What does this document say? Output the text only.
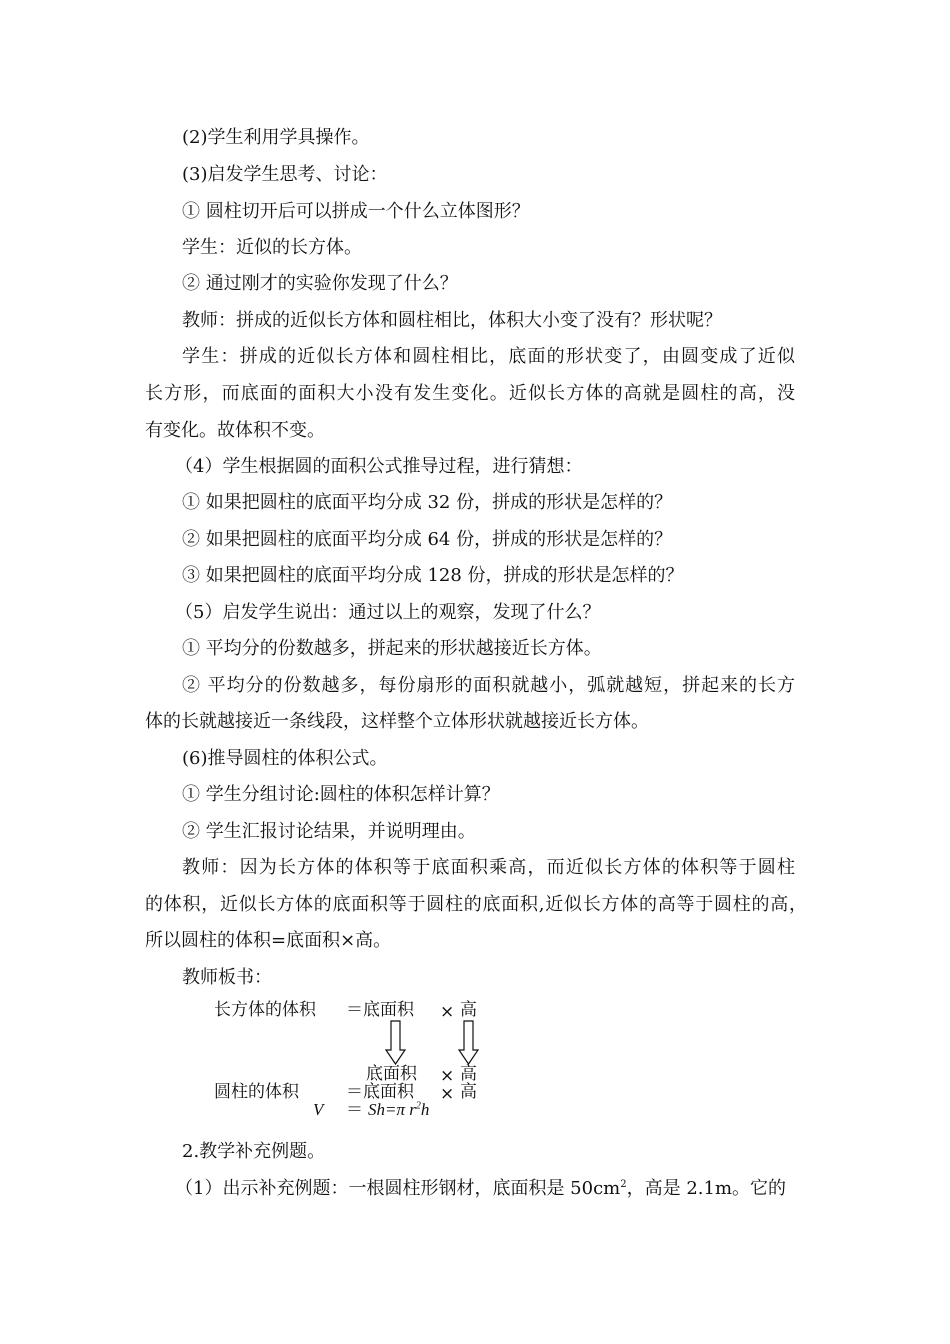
(2)学生利用学具操作。
(3)启发学生思考、讨论：
① 圆柱切开后可以拼成一个什么立体图形？
学生：近似的长方体。
② 通过刚才的实验你发现了什么？
教师：拼成的近似长方体和圆柱相比，体积大小变了没有？形状呢？
学生：拼成的近似长方体和圆柱相比，底面的形状变了，由圆变成了近似
长方形，而底面的面积大小没有发生变化。近似长方体的高就是圆柱的高，没
有变化。故体积不变。
（4）学生根据圆的面积公式推导过程，进行猜想：
① 如果把圆柱的底面平均分成 32 份，拼成的形状是怎样的？
② 如果把圆柱的底面平均分成 64 份，拼成的形状是怎样的？
③ 如果把圆柱的底面平均分成 128 份，拼成的形状是怎样的？
（5）启发学生说出：通过以上的观察，发现了什么？
① 平均分的份数越多，拼起来的形状越接近长方体。
② 平均分的份数越多，每份扇形的面积就越小，弧就越短，拼起来的长方
体的长就越接近一条线段，这样整个立体形状就越接近长方体。
(6)推导圆柱的体积公式。
① 学生分组讨论:圆柱的体积怎样计算？
② 学生汇报讨论结果，并说明理由。
教师：因为长方体的体积等于底面积乘高，而近似长方体的体积等于圆柱
的体积，近似长方体的底面积等于圆柱的底面积,近似长方体的高等于圆柱的高，
所以圆柱的体积=底面积×高。
教师板书：
长方体的体积 ＝底面积 × 高
底面积 × 高
圆柱的体积	＝底面积 × 高
V ＝ Sh=π $r^2h$
2.教学补充例题。
（1）出示补充例题：一根圆柱形钢材，底面积是 $50cm^2$，高是 2.1m。它的
